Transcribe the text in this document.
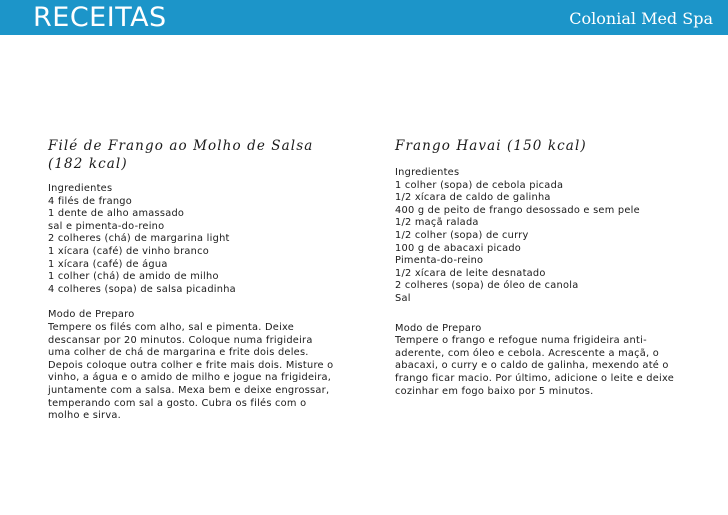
RECEITAS	Colonial Med Spa
Filé de Frango ao Molho de Salsa
(182 kcal)
Ingredientes
4 filés de frango
1 dente de alho amassado
sal e pimenta-do-reino
2 colheres (chá) de margarina light
1 xícara (café) de vinho branco
1 xícara (café) de água
1 colher (chá) de amido de milho
4 colheres (sopa) de salsa picadinha
Modo de Preparo
Tempere os filés com alho, sal e pimenta. Deixe
descansar por 20 minutos. Coloque numa frigideira
uma colher de chá de margarina e frite dois deles.
Depois coloque outra colher e frite mais dois. Misture o
vinho, a água e o amido de milho e jogue na frigideira,
juntamente com a salsa. Mexa bem e deixe engrossar,
temperando com sal a gosto. Cubra os filés com o
molho e sirva.
Frango Havai (150 kcal)
Ingredientes
1 colher (sopa) de cebola picada
1/2 xícara de caldo de galinha
400 g de peito de frango desossado e sem pele
1/2 maçã ralada
1/2 colher (sopa) de curry
100 g de abacaxi picado
Pimenta-do-reino
1/2 xícara de leite desnatado
2 colheres (sopa) de óleo de canola
Sal
Modo de Preparo
Tempere o frango e refogue numa frigideira anti-
aderente, com óleo e cebola. Acrescente a maçã, o
abacaxi, o curry e o caldo de galinha, mexendo até o
frango ficar macio. Por último, adicione o leite e deixe
cozinhar em fogo baixo por 5 minutos.
